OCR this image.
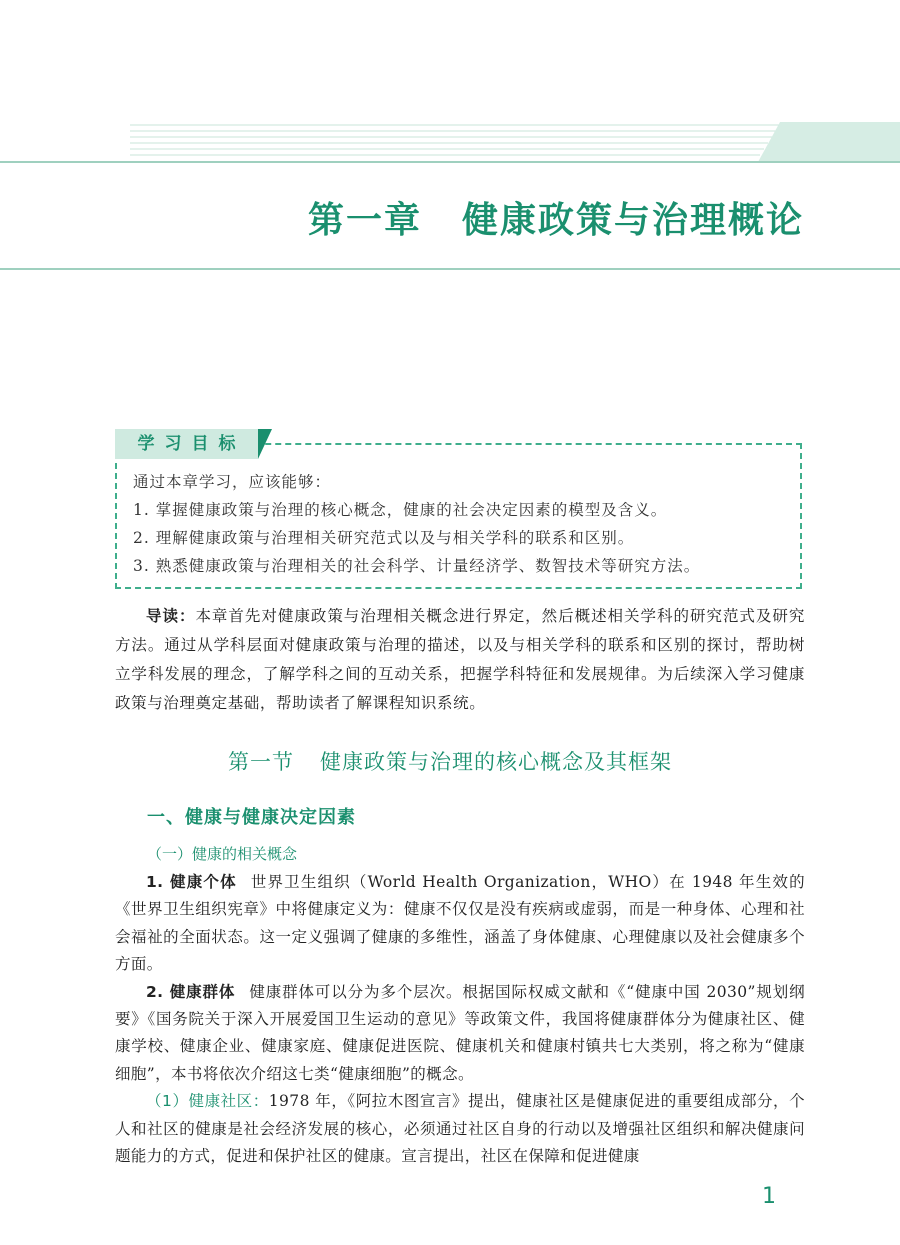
第一章 健康政策与治理概论
学习目标
通过本章学习，应该能够：
1. 掌握健康政策与治理的核心概念，健康的社会决定因素的模型及含义。
2. 理解健康政策与治理相关研究范式以及与相关学科的联系和区别。
3. 熟悉健康政策与治理相关的社会科学、计量经济学、数智技术等研究方法。
导读：本章首先对健康政策与治理相关概念进行界定，然后概述相关学科的研究范式及研究方法。通过从学科层面对健康政策与治理的描述，以及与相关学科的联系和区别的探讨，帮助树立学科发展的理念，了解学科之间的互动关系，把握学科特征和发展规律。为后续深入学习健康政策与治理奠定基础，帮助读者了解课程知识系统。
第一节 健康政策与治理的核心概念及其框架
一、健康与健康决定因素
（一）健康的相关概念

1. 健康个体 世界卫生组织（World Health Organization，WHO）在 1948 年生效的《世界卫生组织宪章》中将健康定义为：健康不仅仅是没有疾病或虚弱，而是一种身体、心理和社会福祉的全面状态。这一定义强调了健康的多维性，涵盖了身体健康、心理健康以及社会健康多个方面。

2. 健康群体 健康群体可以分为多个层次。根据国际权威文献和《“健康中国 2030”规划纲要》《国务院关于深入开展爱国卫生运动的意见》等政策文件，我国将健康群体分为健康社区、健康学校、健康企业、健康家庭、健康促进医院、健康机关和健康村镇共七大类别，将之称为“健康细胞”，本书将依次介绍这七类“健康细胞”的概念。

（1）健康社区：1978 年，《阿拉木图宣言》提出，健康社区是健康促进的重要组成部分，个人和社区的健康是社会经济发展的核心，必须通过社区自身的行动以及增强社区组织和解决健康问题能力的方式，促进和保护社区的健康。宣言提出，社区在保障和促进健康

1
